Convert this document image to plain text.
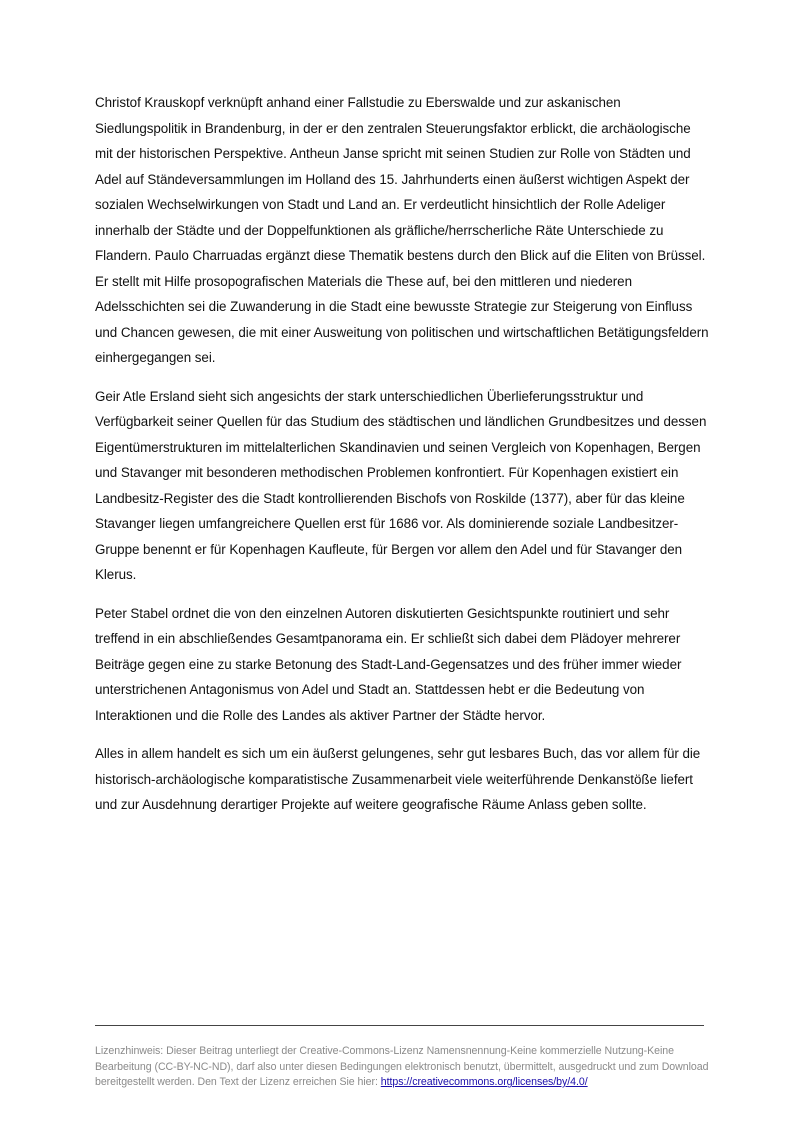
Christof Krauskopf verknüpft anhand einer Fallstudie zu Eberswalde und zur askanischen Siedlungspolitik in Brandenburg, in der er den zentralen Steuerungsfaktor erblickt, die archäologische mit der historischen Perspektive. Antheun Janse spricht mit seinen Studien zur Rolle von Städten und Adel auf Ständeversammlungen im Holland des 15. Jahrhunderts einen äußerst wichtigen Aspekt der sozialen Wechselwirkungen von Stadt und Land an. Er verdeutlicht hinsichtlich der Rolle Adeliger innerhalb der Städte und der Doppelfunktionen als gräfliche/herrscherliche Räte Unterschiede zu Flandern. Paulo Charruadas ergänzt diese Thematik bestens durch den Blick auf die Eliten von Brüssel. Er stellt mit Hilfe prosopografischen Materials die These auf, bei den mittleren und niederen Adelsschichten sei die Zuwanderung in die Stadt eine bewusste Strategie zur Steigerung von Einfluss und Chancen gewesen, die mit einer Ausweitung von politischen und wirtschaftlichen Betätigungsfeldern einhergegangen sei.

Geir Atle Ersland sieht sich angesichts der stark unterschiedlichen Überlieferungsstruktur und Verfügbarkeit seiner Quellen für das Studium des städtischen und ländlichen Grundbesitzes und dessen Eigentümerstrukturen im mittelalterlichen Skandinavien und seinen Vergleich von Kopenhagen, Bergen und Stavanger mit besonderen methodischen Problemen konfrontiert. Für Kopenhagen existiert ein Landbesitz-Register des die Stadt kontrollierenden Bischofs von Roskilde (1377), aber für das kleine Stavanger liegen umfangreichere Quellen erst für 1686 vor. Als dominierende soziale Landbesitzer-Gruppe benennt er für Kopenhagen Kaufleute, für Bergen vor allem den Adel und für Stavanger den Klerus.

Peter Stabel ordnet die von den einzelnen Autoren diskutierten Gesichtspunkte routiniert und sehr treffend in ein abschließendes Gesamtpanorama ein. Er schließt sich dabei dem Plädoyer mehrerer Beiträge gegen eine zu starke Betonung des Stadt-Land-Gegensatzes und des früher immer wieder unterstrichenen Antagonismus von Adel und Stadt an. Stattdessen hebt er die Bedeutung von Interaktionen und die Rolle des Landes als aktiver Partner der Städte hervor.

Alles in allem handelt es sich um ein äußerst gelungenes, sehr gut lesbares Buch, das vor allem für die historisch-archäologische komparatistische Zusammenarbeit viele weiterführende Denkanstöße liefert und zur Ausdehnung derartiger Projekte auf weitere geografische Räume Anlass geben sollte.

Lizenzhinweis: Dieser Beitrag unterliegt der Creative-Commons-Lizenz Namensnennung-Keine kommerzielle Nutzung-Keine Bearbeitung (CC-BY-NC-ND), darf also unter diesen Bedingungen elektronisch benutzt, übermittelt, ausgedruckt und zum Download bereitgestellt werden. Den Text der Lizenz erreichen Sie hier: https://creativecommons.org/licenses/by/4.0/
